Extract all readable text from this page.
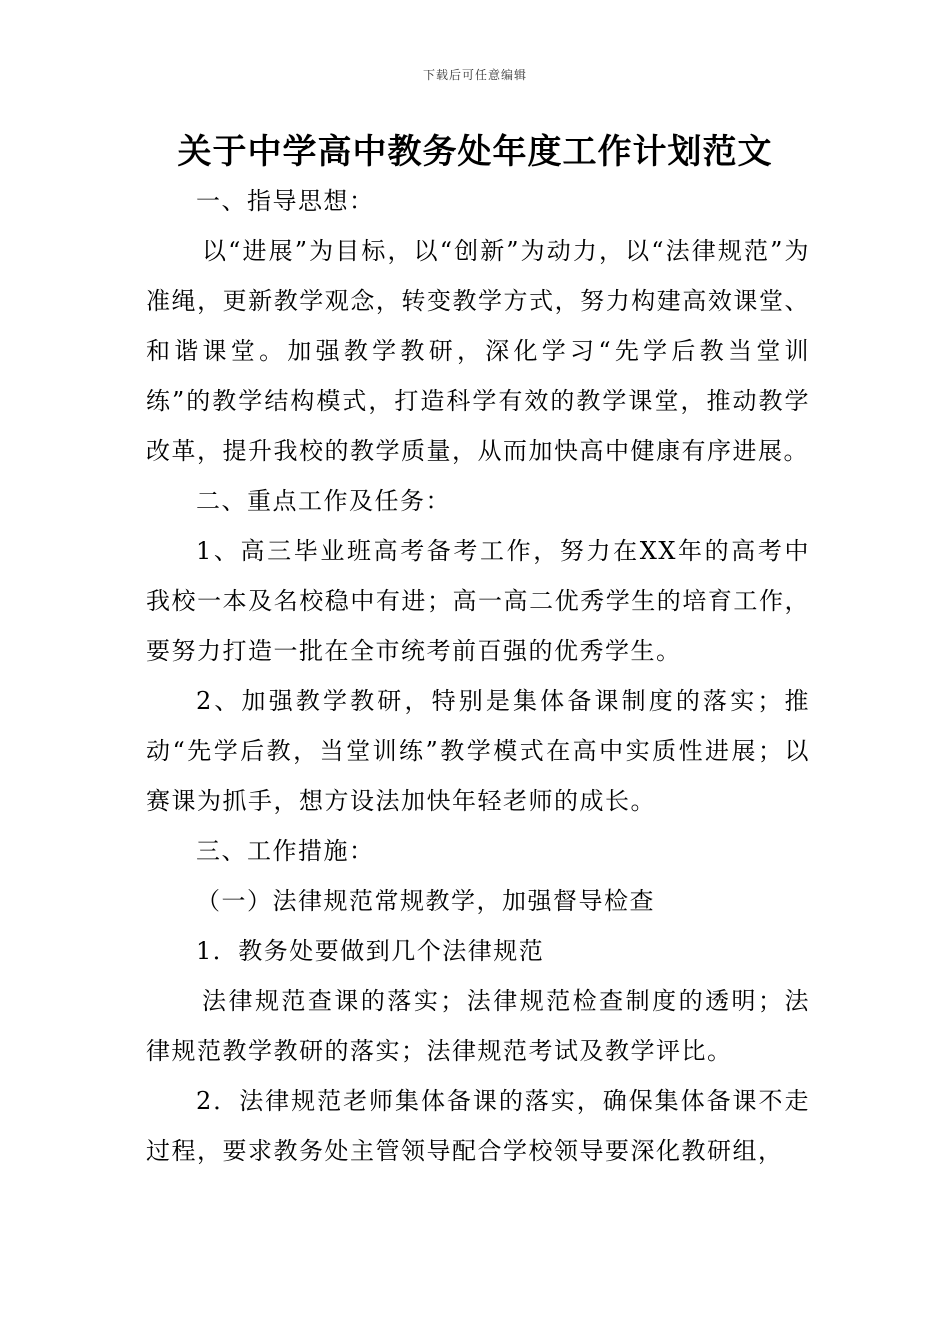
下载后可任意编辑
关于中学高中教务处年度工作计划范文

一、指导思想：

以“进展”为目标，以“创新”为动力，以“法律规范”为准绳，更新教学观念，转变教学方式，努力构建高效课堂、和谐课堂。加强教学教研，深化学习“先学后教当堂训练”的教学结构模式，打造科学有效的教学课堂，推动教学改革，提升我校的教学质量，从而加快高中健康有序进展。

二、重点工作及任务：

1、高三毕业班高考备考工作，努力在XX年的高考中我校一本及名校稳中有进；高一高二优秀学生的培育工作，要努力打造一批在全市统考前百强的优秀学生。

2、加强教学教研，特别是集体备课制度的落实；推动“先学后教，当堂训练”教学模式在高中实质性进展；以赛课为抓手，想方设法加快年轻老师的成长。

三、工作措施：

（一）法律规范常规教学，加强督导检查

1．教务处要做到几个法律规范

法律规范查课的落实；法律规范检查制度的透明；法律规范教学教研的落实；法律规范考试及教学评比。

2．法律规范老师集体备课的落实，确保集体备课不走过程，要求教务处主管领导配合学校领导要深化教研组，
